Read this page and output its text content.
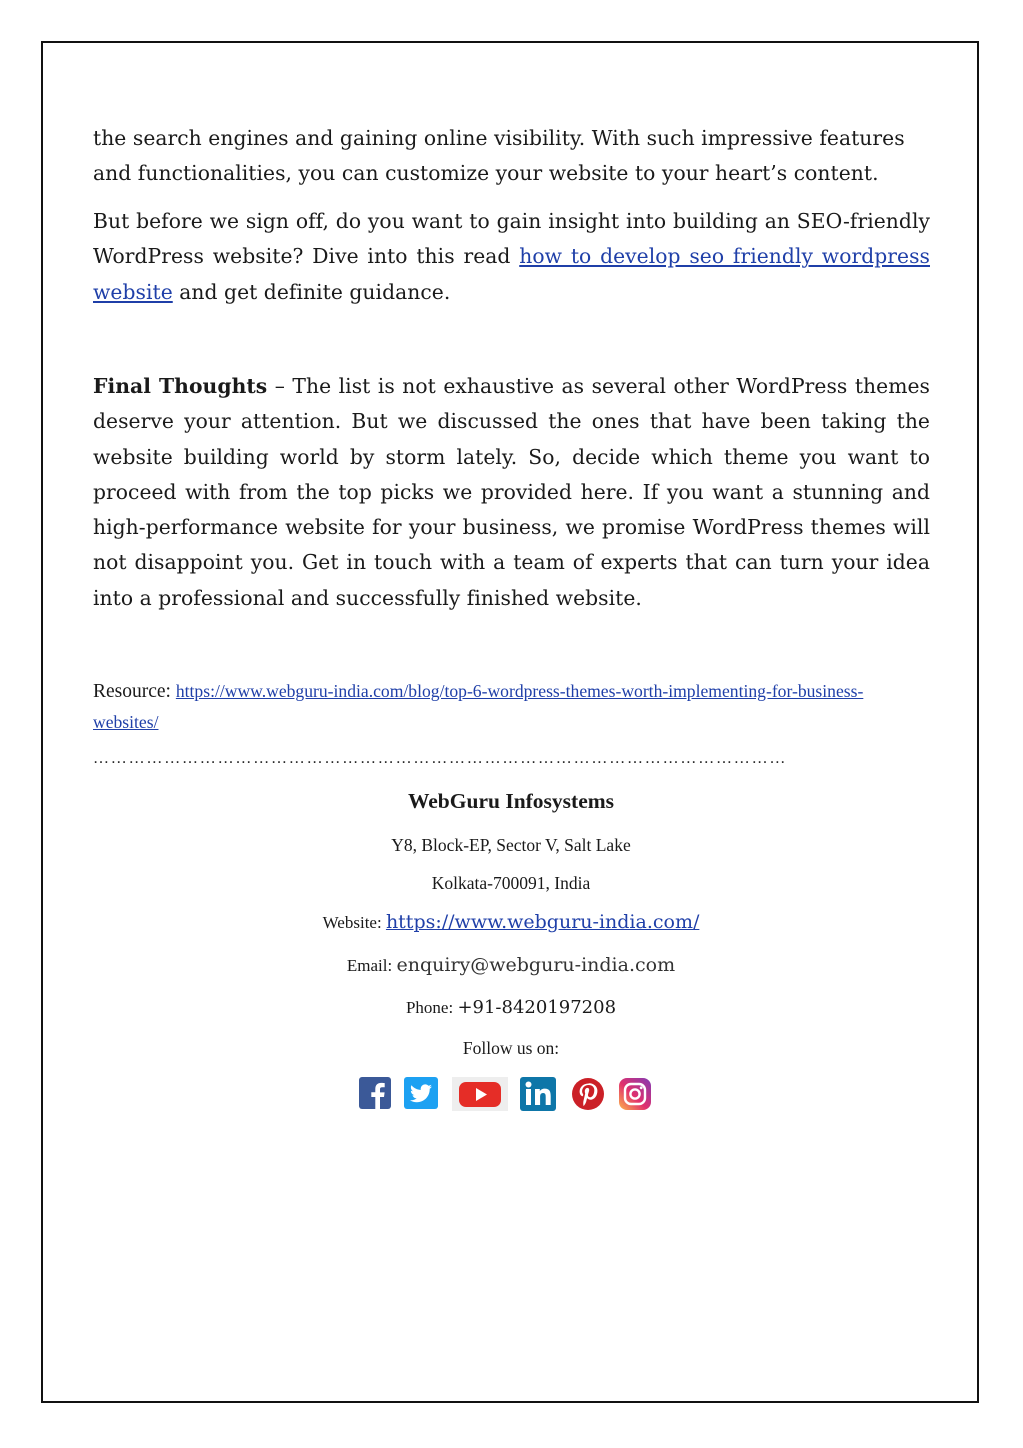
the search engines and gaining online visibility. With such impressive features and functionalities, you can customize your website to your heart’s content.

But before we sign off, do you want to gain insight into building an SEO-friendly WordPress website? Dive into this read how to develop seo friendly wordpress website and get definite guidance.

Final Thoughts – The list is not exhaustive as several other WordPress themes deserve your attention. But we discussed the ones that have been taking the website building world by storm lately. So, decide which theme you want to proceed with from the top picks we provided here. If you want a stunning and high-performance website for your business, we promise WordPress themes will not disappoint you. Get in touch with a team of experts that can turn your idea into a professional and successfully finished website.

Resource: https://www.webguru-india.com/blog/top-6-wordpress-themes-worth-implementing-for-business-websites/
………………………………………………………………………………………………………
WebGuru Infosystems
Y8, Block-EP, Sector V, Salt Lake
Kolkata-700091, India
Website: https://www.webguru-india.com/
Email: enquiry@webguru-india.com
Phone: +91-8420197208
Follow us on:
